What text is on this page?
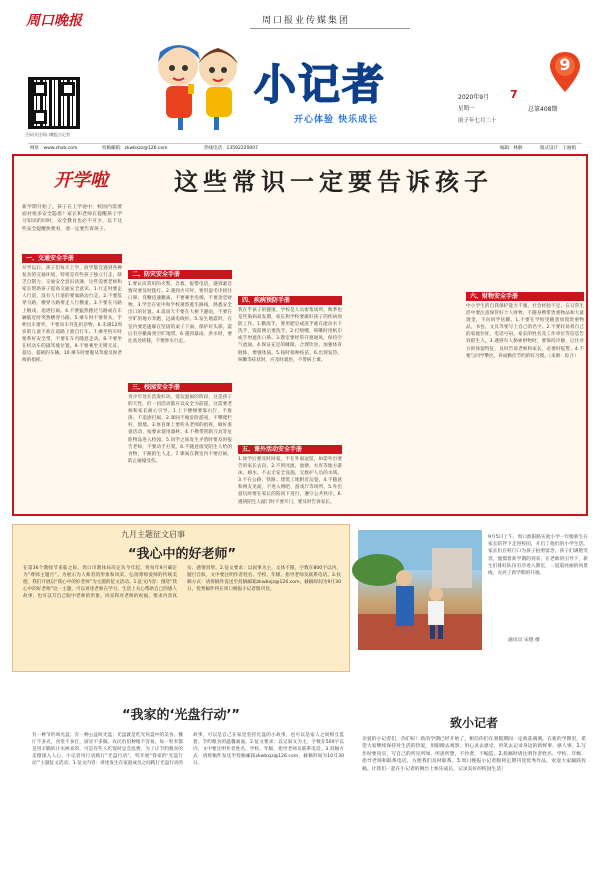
周口晚报	周口报业传媒集团
9
扫码关注周口晚报小记者
小记者
开心体验 快乐成长
2020年9月 7
星期一	总第408期
庚子年七月二十
网址：www.zhxb.com	投稿邮箱：zkwbxzz@126.com	热线电话：13592220007	编辑：林静	版式设计：王丽娟
开学啦	这些常识一定要告诉孩子
新学期开始了，孩子在上学途中、校园内需要面对很多安全隐患？家长和老师在提醒孩子学习知识的同时，安全教育也必不可少，以下这些安全提醒快要看，请一定要告诉孩子。
一、交通安全手册
开学以后，孩子们每天上学、放学都会遇到各种复杂的交通环境，特别是有些孩子独立行走，缺乏自制力，交通安全意识淡薄，这些需要老师和家长帮助孩子提高交通安全意识。1.行走时要走人行道，没有人行道的要靠路边行走。2.不要乱穿马路，横穿马路要走人行横道。3.不要在马路上嬉戏、追逐打闹。4.不要猛然跑过马路或在车辆临近时突然横穿马路。5.乘车时不要将头、手伸出车窗外，不要向车外乱扔杂物。6.未满12周岁的儿童不准在道路上骑自行车。7.乘坐校车时要系好安全带，不要在车内随意走动。8.不要坐在机动车的副驾驶位置。9.不要乘坐无牌无证、超员、超载的车辆。10.乘车时要服从驾驶员和老师的指挥。
二、防灾安全手册
1.要认识常用的火警、急救、报警电话，遇到紧急情况要及时拨打。2.遇到火灾时，要用湿毛巾捂住口鼻，弯腰迅速撤离，不要乘坐电梯，不要贪恋财物。3.学会在家中和学校观察逃生路线，熟悉安全出口的位置。4.雷雨天不要在大树下避雨，不要在空旷的地方奔跑，远离电线杆。5.发生地震时，在室内要迅速躲在坚固的桌子下面，保护好头部，震后有序撤离到空旷地带。6.遇到暴雨、洪水时，要往高处转移，不要涉水行走。
三、校园安全手册
青少年处在活泼好动、爱玩爱闹的阶段，这是孩子的天性，但一切活动都应以安全为前提，这需要老师和家长耐心引导。1.上下楼梯要靠右行，不推挤、不追逐打闹。2.课间不做危险游戏，不攀爬栏杆、围墙。3.体育课上要听从老师的指挥，做好准备活动，按要求使用器材。4.不携带管制刀具等危险物品进入校园。5.同学之间发生矛盾时要及时报告老师，不要动手打架。6.不随意接受陌生人给的食物，不跟陌生人走。7.课间在教室内不要打闹，防止碰撞受伤。
四、疾病预防手册
我在乎孩子的健康，学校是人员密集场所，秋季也是传染病高发期，家长和学校要做好孩子的疾病预防工作。1.勤洗手，要用肥皂或洗手液在流动水下洗手，饭前便后要洗手。2.打喷嚏、咳嗽时用纸巾或手肘遮住口鼻。3.教室要经常开窗通风，保持空气流通。4.保证充足的睡眠，合理饮食，加强体育锻炼，增强体质。5.按时接种疫苗。6.出现发热、咳嗽等症状时，应及时就医，不带病上课。
五、课外活动安全手册
1.放学后要及时回家，不在外面逗留，如需外出要告诉家长去向。2.不到河流、池塘、水库等地方游泳、嬉水，不去无安全设施、无救护人员的水域。3.不在公路、铁路、建筑工地附近玩耍。4.不随意和网友见面，不进入网吧、游戏厅等场所。5.外出游玩时要在家长的陪同下进行，遵守公共秩序。6.遇到陌生人敲门时不要开门，要及时告诉家长。
六、财物安全手册
中小学生的自我保护能力不强，社会经验不足，在日常生活中要注意保管好个人财物，不随身携带贵重物品和大量现金，不向同学炫耀。1.不要在学校里随意放置贵重物品，书包、文具等要写上自己的名字。2.不要轻易将自己的家庭住址、电话号码、家长的姓名及工作单位等信息告诉陌生人。3.遇到有人勒索财物时，要保持冷静，记住对方的体貌特征，及时告诉老师和家长，必要时报警。4.不要与同学攀比，养成勤俭节约的好习惯。（来源：综合）
九月主题征文启事
“我心中的好老师”
在第36个教师节来临之际，周口市教体局决定从今年起，将每年9月确定为“尊师主题月”。为展示为人师者的形象和风采，弘扬尊师爱师的传统美德，我们开展以“我心中的好老师”为主题的征文活动。1.征文内容：围绕“我心中的好老师”这一主题，可以讲述老师在学习、生活上关心帮助自己的感人故事，也可以写自己眼中老师的形象、风采和对老师的祝福，要求内容真实、感情真挚。2.征文要求：以叙事为主，文体不限，字数在800字以内，题目自拟，文中要注明作者姓名、学校、年级、指导老师及联系电话。3.投稿方式：请将稿件发送至投稿邮箱zkwbxjz@126.com，截稿时间为9月30日，优秀稿件将在周口晚报小记者版刊登。
9月5日上午，周口淮阳路实验小学一年级新生在家长陪伴下走进校园，开启了他们的小学生活。家长们在校门口为孩子拍照留念，孩子们满脸笑容，憧憬着新学期的到来，在老师的引导下，新生们排好队伍有序进入教室，一道道亮丽的风景线，点亮了新学期的开端。
通讯员 宋德 摄
“我家的‘光盘行动’”
有一种节约叫光盘；有一种公益叫光盘；光盘就是吃光你盘中的美食。餐厅不多点，食堂不多打，厨房不多做。农民伯伯种地不容易，每一粒米都是用辛勤的汗水换来的，可是有些人吃饭时总会浪费。为了让节约粮食的美德深入人心，小记者用行动践行“光盘行动”，特开展“我家的‘光盘行动’”主题征文活动。1.征文内容：讲述发生在家庭成员之间践行光盘行动的故事，可以是自己在家里坚持光盘的小故事，也可以是家人之间相互监督、节约粮食的温馨画面。2.征文要求：以记叙文为主，字数在500字以内，文中要注明作者姓名、学校、年级、指导老师及联系电话。3.投稿方式：请将稿件发送至投稿邮箱zkwbxjz@126.com，截稿时间为10月30日。
致小记者
亲爱的小记者们，你们好！新的学期已经开始了，相信你们在暑假期间一定收获满满。在新的学期里，希望大家继续保持对生活的热爱，用眼睛去观察，用心灵去感受，用笔去记录身边的新鲜事、感人事。1.写作时要真实，写自己的所见所闻、所思所想，不抄袭、不编造。2.投稿时请注明作者姓名、学校、年级、指导老师和联系电话，方便我们及时联系。3.周口晚报小记者版将定期刊登优秀作品，欢迎大家踊跃投稿。让我们一起在小记者的舞台上快乐成长，记录美好的校园生活！
